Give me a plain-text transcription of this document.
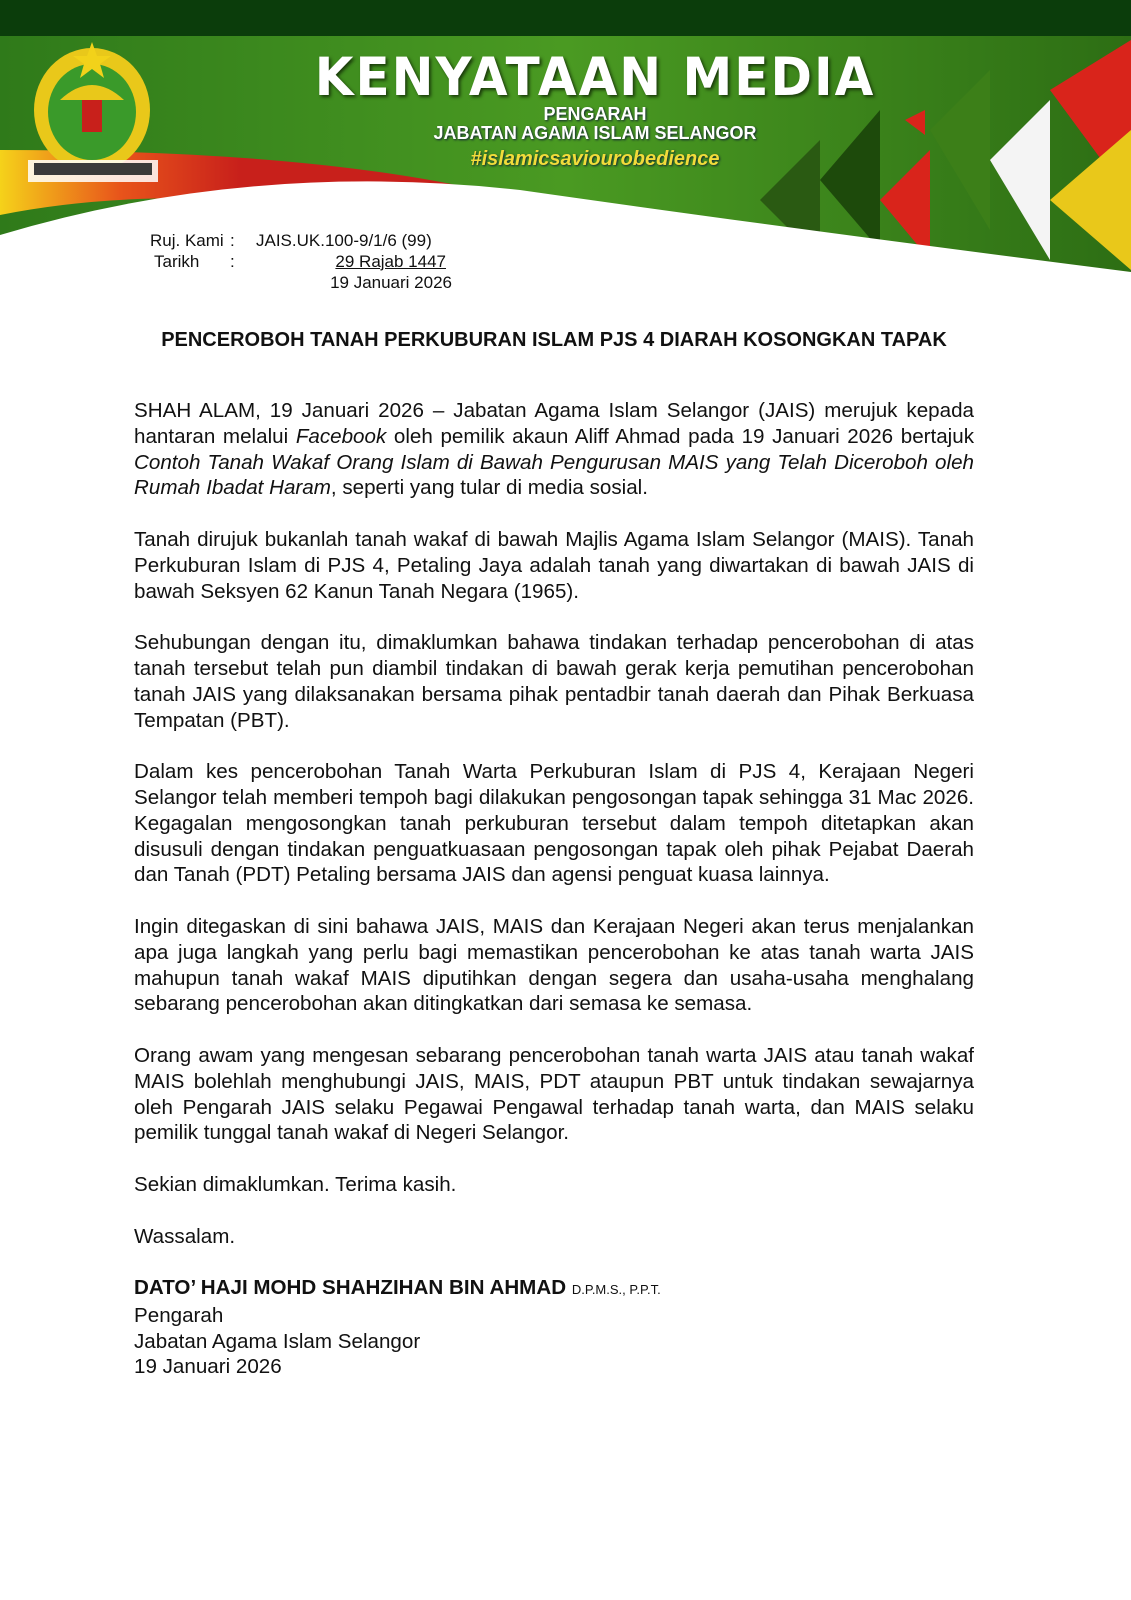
KENYATAAN MEDIA
PENGARAH
JABATAN AGAMA ISLAM SELANGOR
#islamicsaviourobedience
Ruj. Kami :	JAIS.UK.100-9/1/6 (99)
Tarikh	:	29 Rajab 1447
19 Januari 2026
PENCEROBOH TANAH PERKUBURAN ISLAM PJS 4 DIARAH KOSONGKAN TAPAK

SHAH ALAM, 19 Januari 2026 – Jabatan Agama Islam Selangor (JAIS) merujuk kepada hantaran melalui Facebook oleh pemilik akaun Aliff Ahmad pada 19 Januari 2026 bertajuk Contoh Tanah Wakaf Orang Islam di Bawah Pengurusan MAIS yang Telah Diceroboh oleh Rumah Ibadat Haram, seperti yang tular di media sosial.

Tanah dirujuk bukanlah tanah wakaf di bawah Majlis Agama Islam Selangor (MAIS). Tanah Perkuburan Islam di PJS 4, Petaling Jaya adalah tanah yang diwartakan di bawah JAIS di bawah Seksyen 62 Kanun Tanah Negara (1965).

Sehubungan dengan itu, dimaklumkan bahawa tindakan terhadap pencerobohan di atas tanah tersebut telah pun diambil tindakan di bawah gerak kerja pemutihan pencerobohan tanah JAIS yang dilaksanakan bersama pihak pentadbir tanah daerah dan Pihak Berkuasa Tempatan (PBT).

Dalam kes pencerobohan Tanah Warta Perkuburan Islam di PJS 4, Kerajaan Negeri Selangor telah memberi tempoh bagi dilakukan pengosongan tapak sehingga 31 Mac 2026. Kegagalan mengosongkan tanah perkuburan tersebut dalam tempoh ditetapkan akan disusuli dengan tindakan penguatkuasaan pengosongan tapak oleh pihak Pejabat Daerah dan Tanah (PDT) Petaling bersama JAIS dan agensi penguat kuasa lainnya.

Ingin ditegaskan di sini bahawa JAIS, MAIS dan Kerajaan Negeri akan terus menjalankan apa juga langkah yang perlu bagi memastikan pencerobohan ke atas tanah warta JAIS mahupun tanah wakaf MAIS diputihkan dengan segera dan usaha-usaha menghalang sebarang pencerobohan akan ditingkatkan dari semasa ke semasa.

Orang awam yang mengesan sebarang pencerobohan tanah warta JAIS atau tanah wakaf MAIS bolehlah menghubungi JAIS, MAIS, PDT ataupun PBT untuk tindakan sewajarnya oleh Pengarah JAIS selaku Pegawai Pengawal terhadap tanah warta, dan MAIS selaku pemilik tunggal tanah wakaf di Negeri Selangor.

Sekian dimaklumkan. Terima kasih.

Wassalam.

DATO’ HAJI MOHD SHAHZIHAN BIN AHMAD D.P.M.S., P.P.T.
Pengarah
Jabatan Agama Islam Selangor
19 Januari 2026
